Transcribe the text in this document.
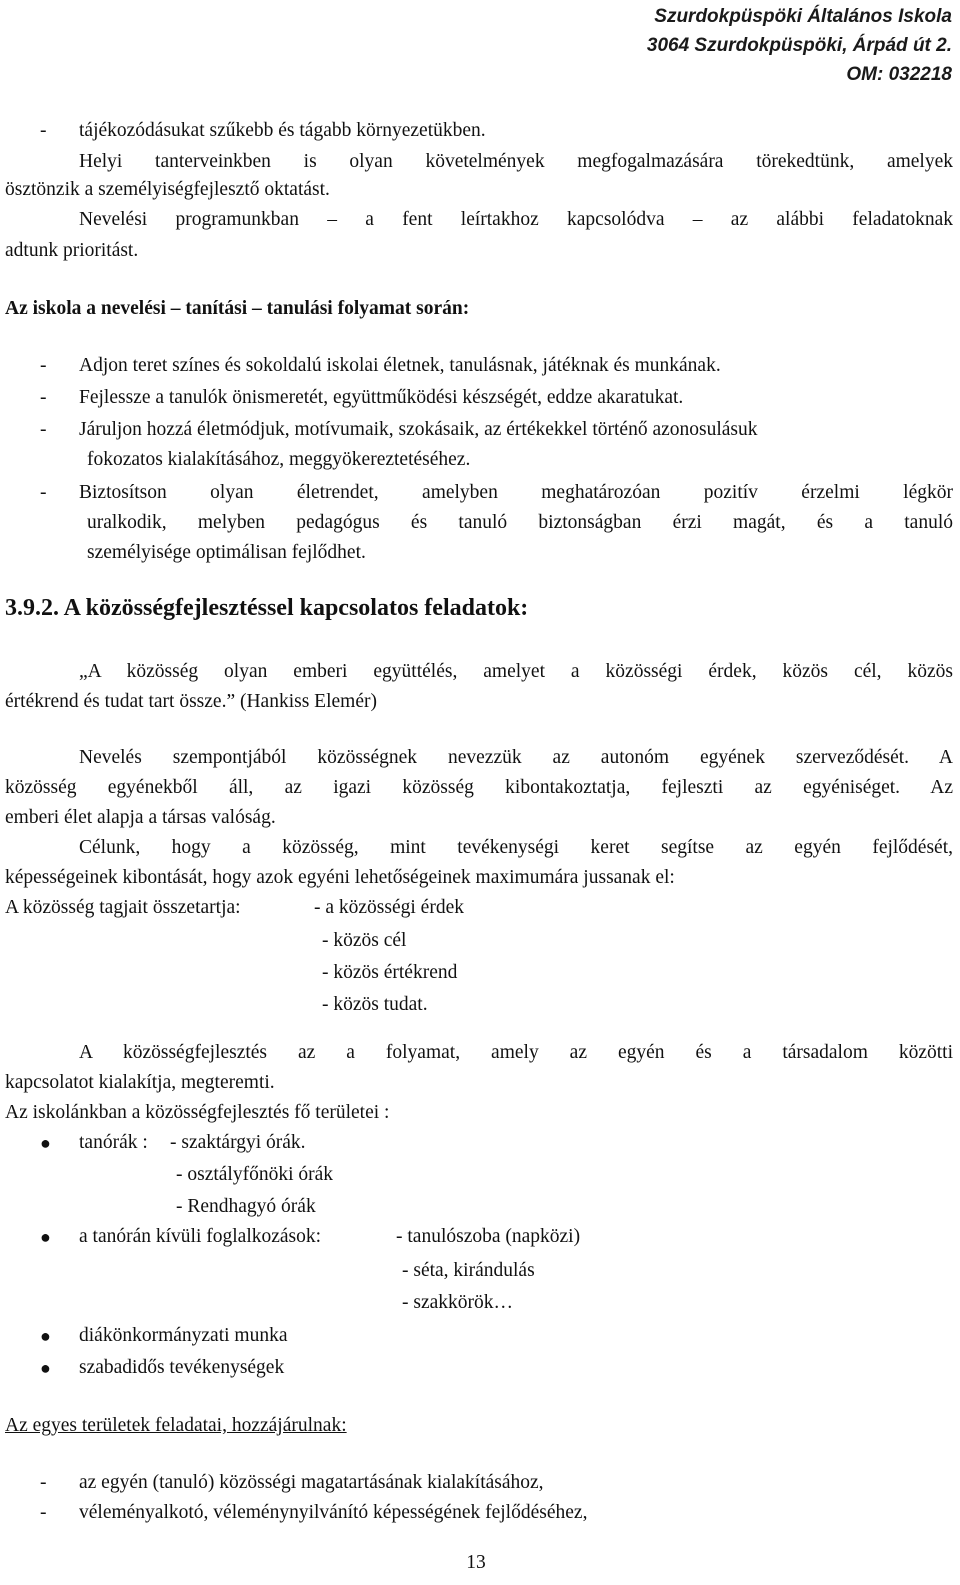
Szurdokpüspöki Általános Iskola
3064 Szurdokpüspöki, Árpád út 2.
OM: 032218
- tájékozódásukat szűkebb és tágabb környezetükben.
Helyi tanterveinkben is olyan követelmények megfogalmazására törekedtünk, amelyek
ösztönzik a személyiségfejlesztő oktatást.
Nevelési programunkban – a fent leírtakhoz kapcsolódva – az alábbi feladatoknak
adtunk prioritást.
Az iskola a nevelési – tanítási – tanulási folyamat során:
- Adjon teret színes és sokoldalú iskolai életnek, tanulásnak, játéknak és munkának.
- Fejlessze a tanulók önismeretét, együttműködési készségét, eddze akaratukat.
- Járuljon hozzá életmódjuk, motívumaik, szokásaik, az értékekkel történő azonosulásuk
fokozatos kialakításához, meggyökereztetéséhez.
- Biztosítson olyan életrendet, amelyben meghatározóan pozitív érzelmi légkör
uralkodik, melyben pedagógus és tanuló biztonságban érzi magát, és a tanuló
személyisége optimálisan fejlődhet.
3.9.2. A közösségfejlesztéssel kapcsolatos feladatok:
„A közösség olyan emberi együttélés, amelyet a közösségi érdek, közös cél, közös
értékrend és tudat tart össze.” (Hankiss Elemér)
Nevelés szempontjából közösségnek nevezzük az autonóm egyének szerveződését. A
közösség egyénekből áll, az igazi közösség kibontakoztatja, fejleszti az egyéniséget. Az
emberi élet alapja a társas valóság.
Célunk, hogy a közösség, mint tevékenységi keret segítse az egyén fejlődését,
képességeinek kibontását, hogy azok egyéni lehetőségeinek maximumára jussanak el:
A közösség tagjait összetartja:	- a közösségi érdek
- közös cél
- közös értékrend
- közös tudat.
A közösségfejlesztés az a folyamat, amely az egyén és a társadalom közötti
kapcsolatot kialakítja, megteremti.
Az iskolánkban a közösségfejlesztés fő területei :
●
tanórák : - szaktárgyi órák.
- osztályfőnöki órák
- Rendhagyó órák
●
a tanórán kívüli foglalkozások:	- tanulószoba (napközi)
- séta, kirándulás
- szakkörök…
●
diákönkormányzati munka
●
szabadidős tevékenységek
Az egyes területek feladatai, hozzájárulnak:
- az egyén (tanuló) közösségi magatartásának kialakításához,
- véleményalkotó, véleménynyilvánító képességének fejlődéséhez,
13
